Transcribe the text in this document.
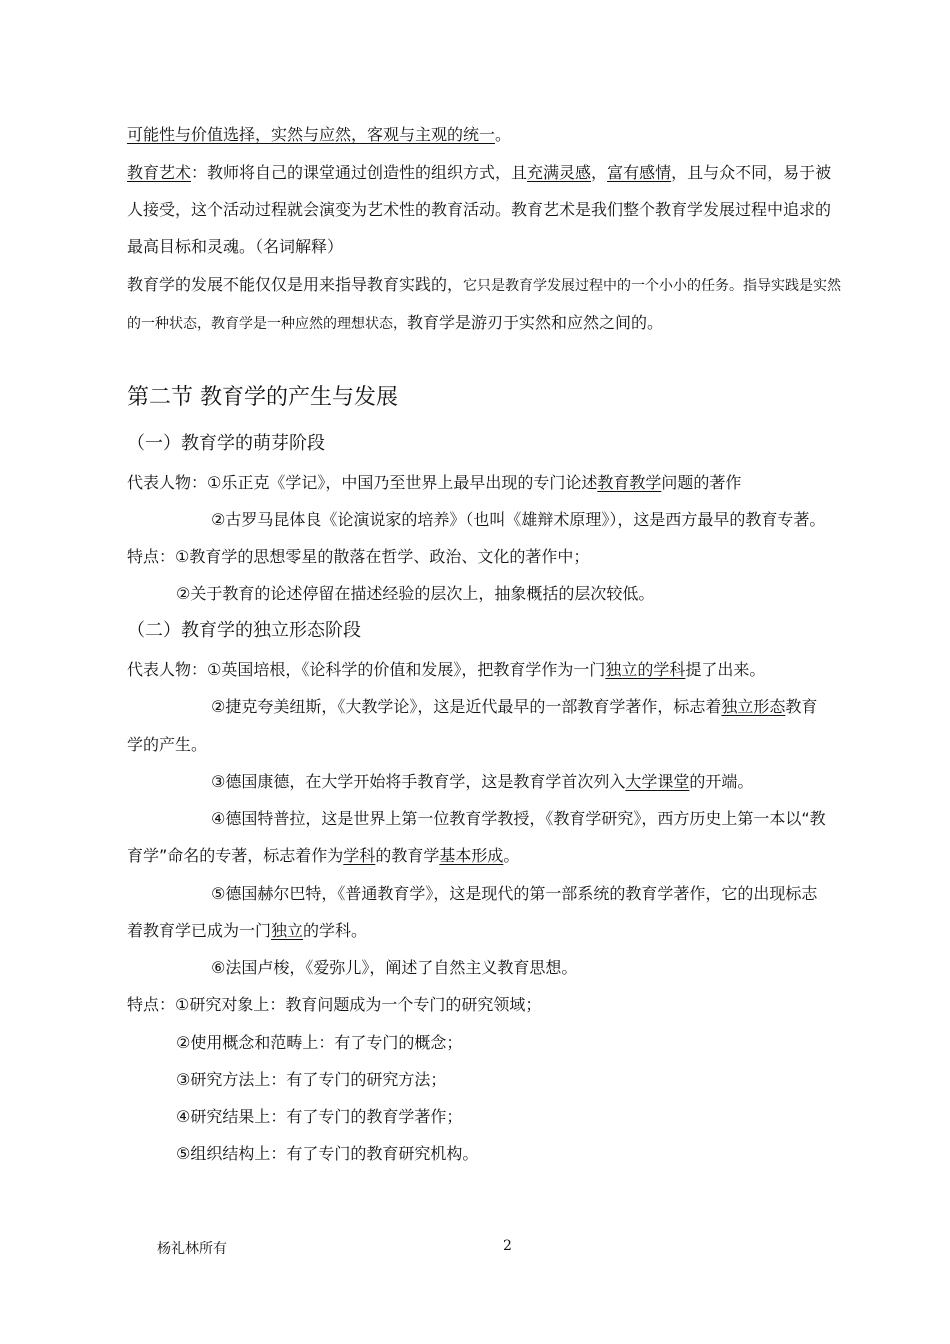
可能性与价值选择，实然与应然，客观与主观的统一。
教育艺术：教师将自己的课堂通过创造性的组织方式，且充满灵感，富有感情，且与众不同，易于被
人接受，这个活动过程就会演变为艺术性的教育活动。教育艺术是我们整个教育学发展过程中追求的
最高目标和灵魂。（名词解释）
教育学的发展不能仅仅是用来指导教育实践的，它只是教育学发展过程中的一个小小的任务。指导实践是实然
的一种状态，教育学是一种应然的理想状态，教育学是游刃于实然和应然之间的。
第二节 教育学的产生与发展
（一）教育学的萌芽阶段
代表人物：①乐正克《学记》，中国乃至世界上最早出现的专门论述教育教学问题的著作
②古罗马昆体良《论演说家的培养》（也叫《雄辩术原理》），这是西方最早的教育专著。
特点：①教育学的思想零星的散落在哲学、政治、文化的著作中；
②关于教育的论述停留在描述经验的层次上，抽象概括的层次较低。
（二）教育学的独立形态阶段
代表人物：①英国培根，《论科学的价值和发展》，把教育学作为一门独立的学科提了出来。
②捷克夸美纽斯，《大教学论》，这是近代最早的一部教育学著作，标志着独立形态教育
学的产生。
③德国康德，在大学开始将手教育学，这是教育学首次列入大学课堂的开端。
④德国特普拉，这是世界上第一位教育学教授，《教育学研究》，西方历史上第一本以“教
育学”命名的专著，标志着作为学科的教育学基本形成。
⑤德国赫尔巴特，《普通教育学》，这是现代的第一部系统的教育学著作，它的出现标志
着教育学已成为一门独立的学科。
⑥法国卢梭，《爱弥儿》，阐述了自然主义教育思想。
特点：①研究对象上：教育问题成为一个专门的研究领域；
②使用概念和范畴上：有了专门的概念；
③研究方法上：有了专门的研究方法；
④研究结果上：有了专门的教育学著作；
⑤组织结构上：有了专门的教育研究机构。
杨礼林所有	2
